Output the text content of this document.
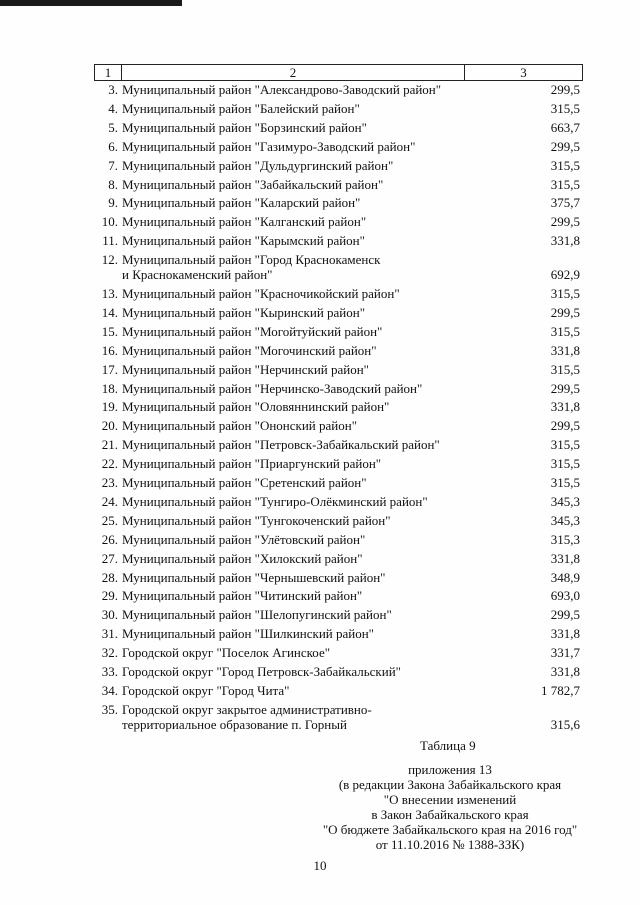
1	2	3
3. Муниципальный район "Александрово-Заводский район"	299,5
4. Муниципальный район "Балейский район"	315,5
5. Муниципальный район "Борзинский район"	663,7
6. Муниципальный район "Газимуро-Заводский район"	299,5
7. Муниципальный район "Дульдургинский район"	315,5
8. Муниципальный район "Забайкальский район"	315,5
9. Муниципальный район "Каларский район"	375,7
10. Муниципальный район "Калганский район"	299,5
11. Муниципальный район "Карымский район"	331,8
12. Муниципальный район "Город Краснокаменск
и Краснокаменский район"	692,9
13. Муниципальный район "Красночикойский район"	315,5
14. Муниципальный район "Кыринский район"	299,5
15. Муниципальный район "Могойтуйский район"	315,5
16. Муниципальный район "Могочинский район"	331,8
17. Муниципальный район "Нерчинский район"	315,5
18. Муниципальный район "Нерчинско-Заводский район"	299,5
19. Муниципальный район "Оловяннинский район"	331,8
20. Муниципальный район "Ононский район"	299,5
21. Муниципальный район "Петровск-Забайкальский район"	315,5
22. Муниципальный район "Приаргунский район"	315,5
23. Муниципальный район "Сретенский район"	315,5
24. Муниципальный район "Тунгиро-Олёкминский район"	345,3
25. Муниципальный район "Тунгокоченский район"	345,3
26. Муниципальный район "Улётовский район"	315,3
27. Муниципальный район "Хилокский район"	331,8
28. Муниципальный район "Чернышевский район"	348,9
29. Муниципальный район "Читинский район"	693,0
30. Муниципальный район "Шелопугинский район"	299,5
31. Муниципальный район "Шилкинский район"	331,8
32. Городской округ "Поселок Агинское"	331,7
33. Городской округ "Город Петровск-Забайкальский"	331,8
34. Городской округ "Город Чита"	1 782,7
35. Городской округ закрытое административно-
территориальное образование п. Горный	315,6
Таблица 9
приложения 13
(в редакции Закона Забайкальского края
"О внесении изменений
в Закон Забайкальского края
"О бюджете Забайкальского края на 2016 год"
от 11.10.2016 № 1388-ЗЗК)
10
